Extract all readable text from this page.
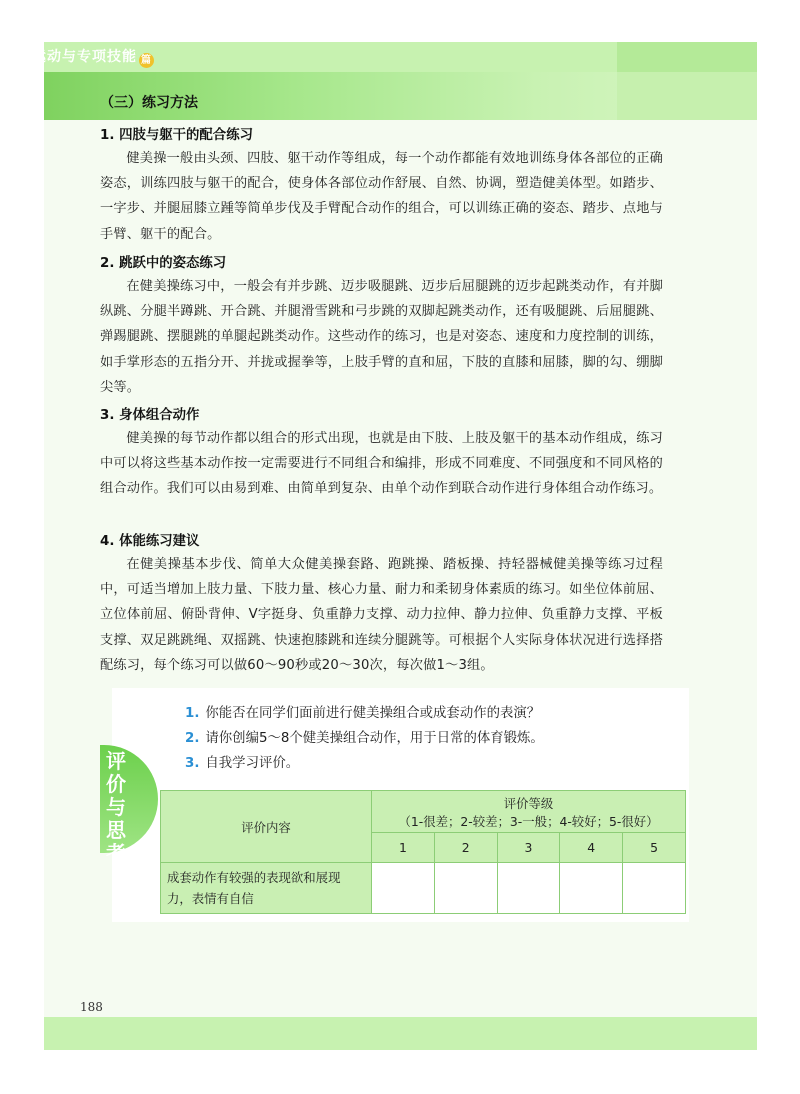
运动与专项技能 篇
（三）练习方法
1. 四肢与躯干的配合练习
健美操一般由头颈、四肢、躯干动作等组成，每一个动作都能有效地训练身体各部位的正确姿态，训练四肢与躯干的配合，使身体各部位动作舒展、自然、协调，塑造健美体型。如踏步、一字步、并腿屈膝立踵等简单步伐及手臂配合动作的组合，可以训练正确的姿态、踏步、点地与手臂、躯干的配合。
2. 跳跃中的姿态练习
在健美操练习中，一般会有并步跳、迈步吸腿跳、迈步后屈腿跳的迈步起跳类动作，有并脚纵跳、分腿半蹲跳、开合跳、并腿滑雪跳和弓步跳的双脚起跳类动作，还有吸腿跳、后屈腿跳、弹踢腿跳、摆腿跳的单腿起跳类动作。这些动作的练习，也是对姿态、速度和力度控制的训练，如手掌形态的五指分开、并拢或握拳等，上肢手臂的直和屈，下肢的直膝和屈膝，脚的勾、绷脚尖等。
3. 身体组合动作
健美操的每节动作都以组合的形式出现，也就是由下肢、上肢及躯干的基本动作组成，练习中可以将这些基本动作按一定需要进行不同组合和编排，形成不同难度、不同强度和不同风格的组合动作。我们可以由易到难、由简单到复杂、由单个动作到联合动作进行身体组合动作练习。
4. 体能练习建议
在健美操基本步伐、简单大众健美操套路、跑跳操、踏板操、持轻器械健美操等练习过程中，可适当增加上肢力量、下肢力量、核心力量、耐力和柔韧身体素质的练习。如坐位体前屈、立位体前屈、俯卧背伸、V字挺身、负重静力支撑、动力拉伸、静力拉伸、负重静力支撑、平板支撑、双足跳跳绳、双摇跳、快速抱膝跳和连续分腿跳等。可根据个人实际身体状况进行选择搭配练习，每个练习可以做60～90秒或20～30次，每次做1～3组。
评价与思考
1. 你能否在同学们面前进行健美操组合或成套动作的表演？
2. 请你创编5～8个健美操组合动作，用于日常的体育锻炼。
3. 自我学习评价。
评价内容	评价等级
（1-很差；2-较差；3-一般；4-较好；5-很好）				

	1	2	3	4	5
成套动作有较强的表现欲和展现力，表情有自信					
188
